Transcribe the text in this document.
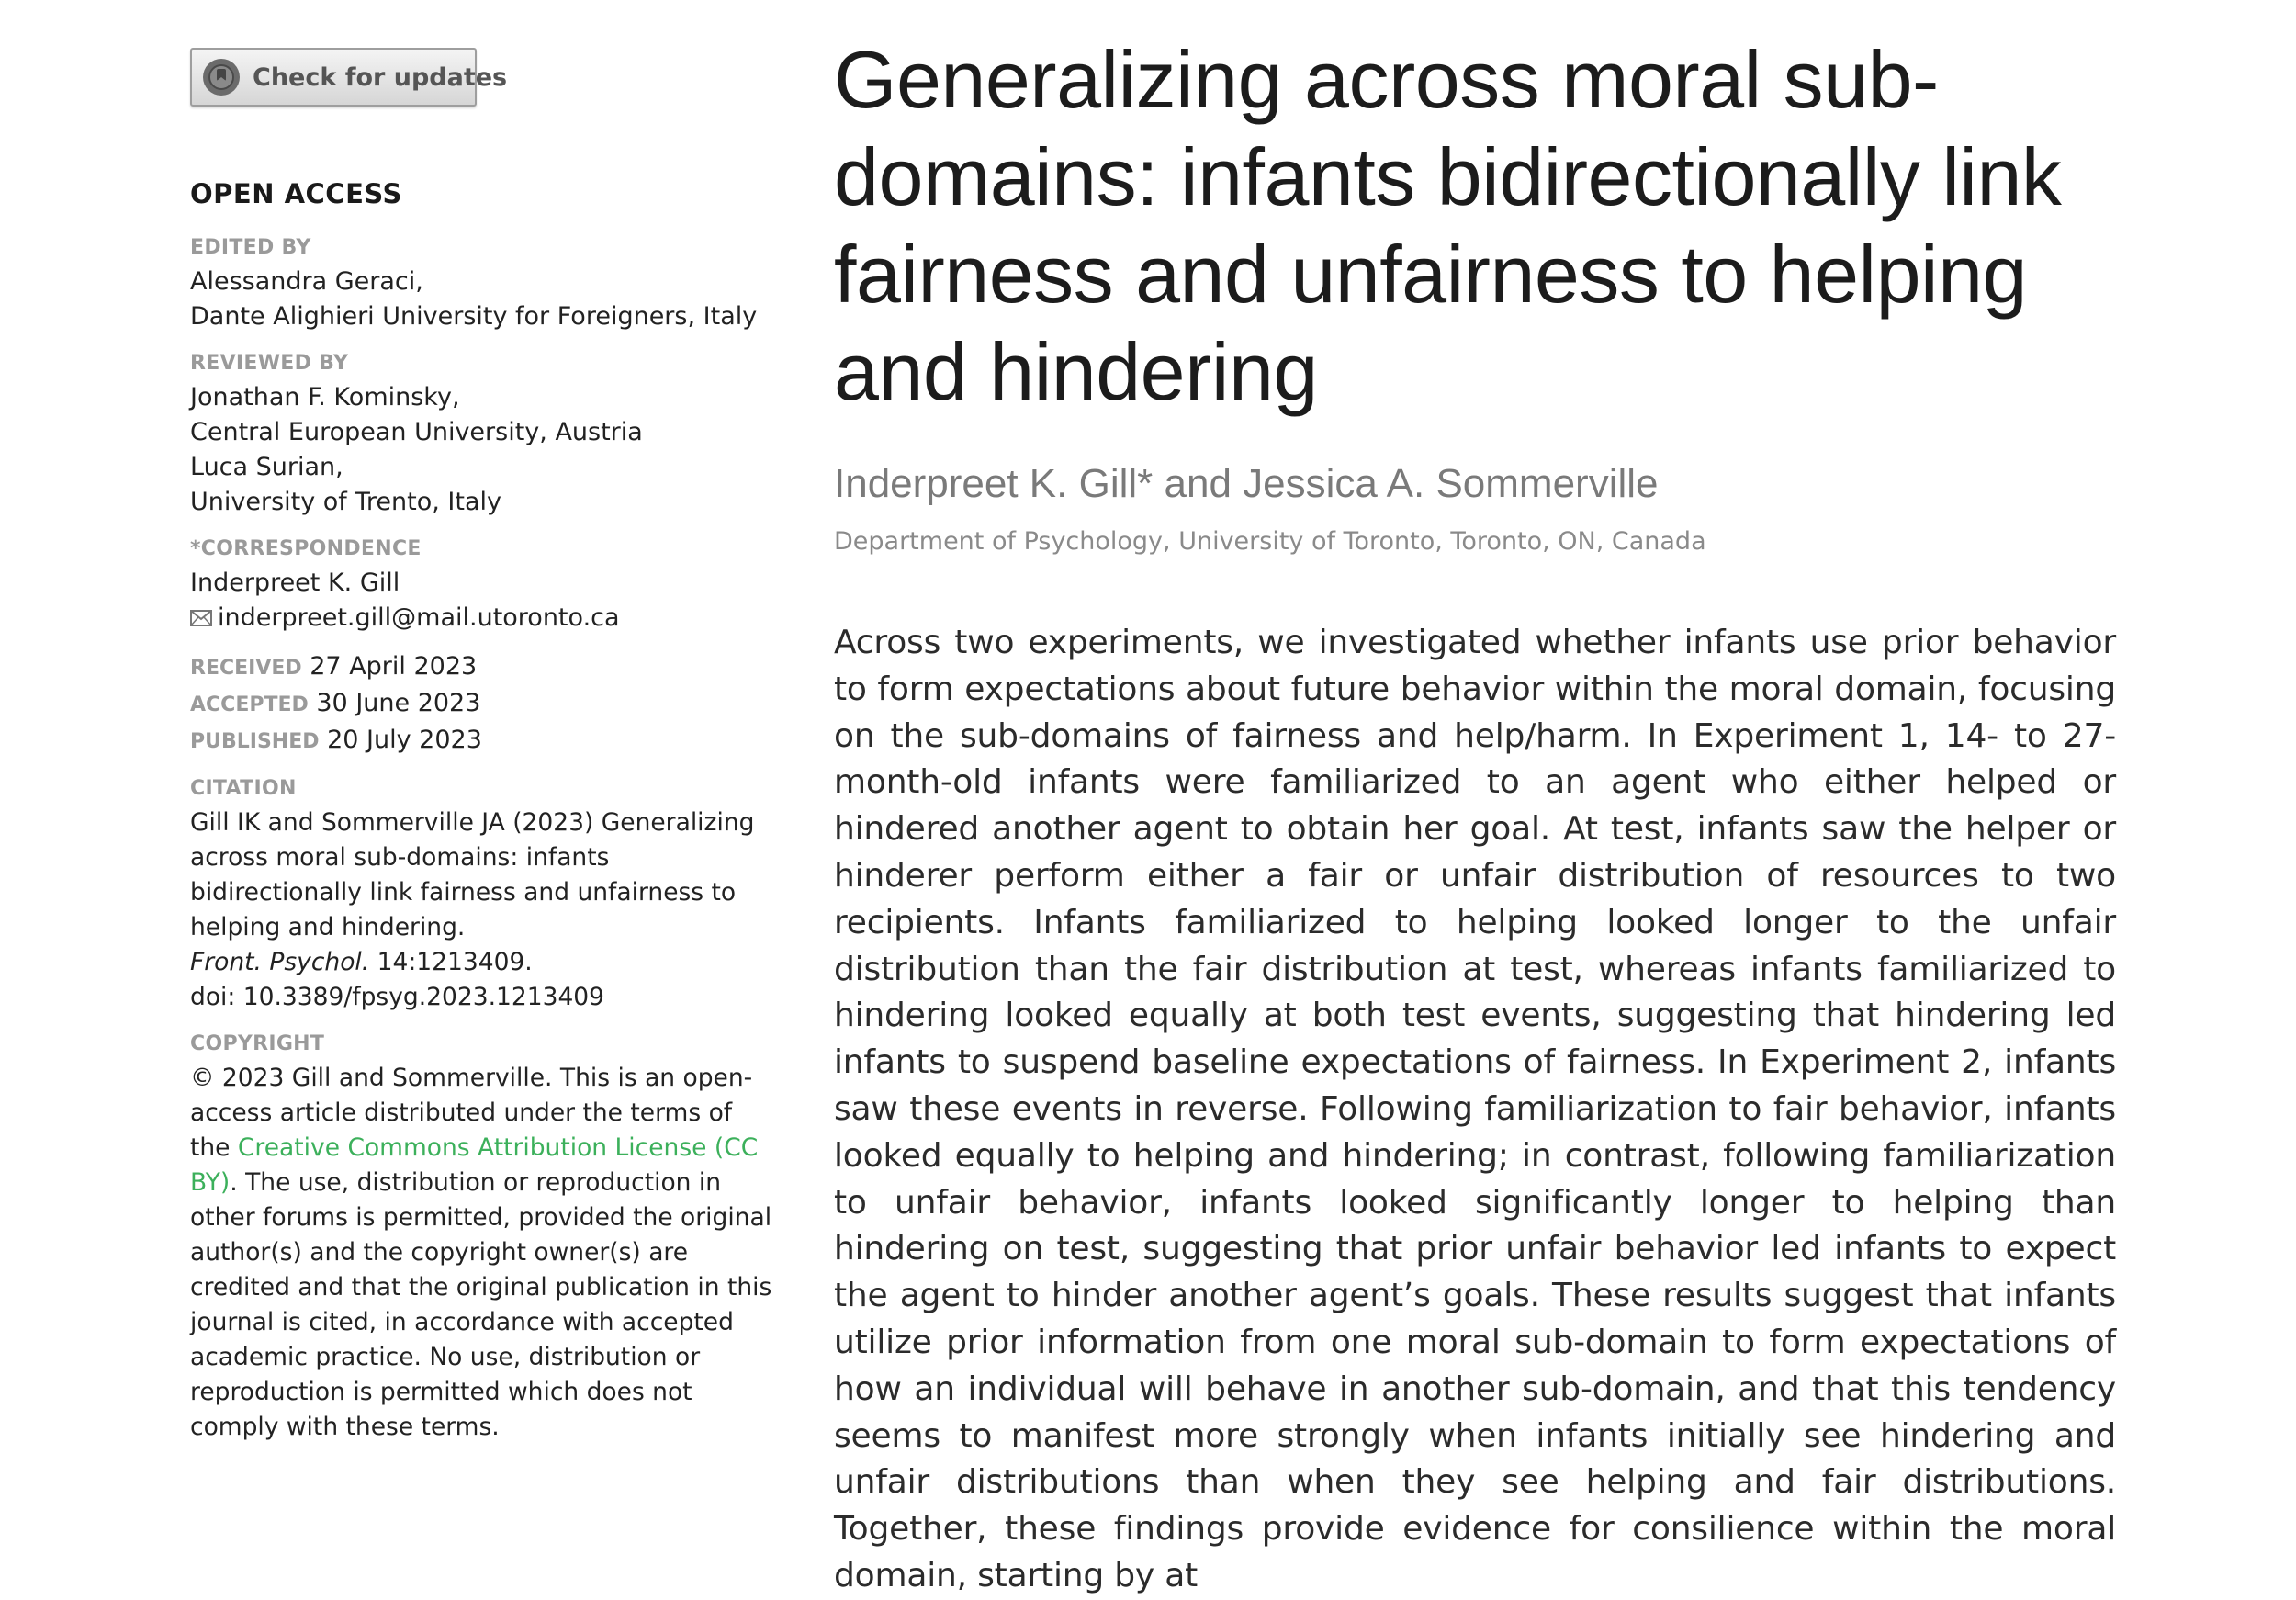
Check for updates
OPEN ACCESS
EDITED BY
Alessandra Geraci,
Dante Alighieri University for Foreigners, Italy
REVIEWED BY
Jonathan F. Kominsky,
Central European University, Austria
Luca Surian,
University of Trento, Italy
*CORRESPONDENCE
Inderpreet K. Gill
inderpreet.gill@mail.utoronto.ca
RECEIVED 27 April 2023
ACCEPTED 30 June 2023
PUBLISHED 20 July 2023
CITATION
Gill IK and Sommerville JA (2023) Generalizing across moral sub-domains: infants bidirectionally link fairness and unfairness to helping and hindering.
Front. Psychol. 14:1213409.
doi: 10.3389/fpsyg.2023.1213409
COPYRIGHT
© 2023 Gill and Sommerville. This is an open-access article distributed under the terms of the Creative Commons Attribution License (CC BY). The use, distribution or reproduction in other forums is permitted, provided the original author(s) and the copyright owner(s) are credited and that the original publication in this journal is cited, in accordance with accepted academic practice. No use, distribution or reproduction is permitted which does not comply with these terms.
Generalizing across moral sub-domains: infants bidirectionally link fairness and unfairness to helping and hindering
Inderpreet K. Gill* and Jessica A. Sommerville
Department of Psychology, University of Toronto, Toronto, ON, Canada
Across two experiments, we investigated whether infants use prior behavior to form expectations about future behavior within the moral domain, focusing on the sub-domains of fairness and help/harm. In Experiment 1, 14- to 27-month-old infants were familiarized to an agent who either helped or hindered another agent to obtain her goal. At test, infants saw the helper or hinderer perform either a fair or unfair distribution of resources to two recipients. Infants familiarized to helping looked longer to the unfair distribution than the fair distribution at test, whereas infants familiarized to hindering looked equally at both test events, suggesting that hindering led infants to suspend baseline expectations of fairness. In Experiment 2, infants saw these events in reverse. Following familiarization to fair behavior, infants looked equally to helping and hindering; in contrast, following familiarization to unfair behavior, infants looked significantly longer to helping than hindering on test, suggesting that prior unfair behavior led infants to expect the agent to hinder another agent’s goals. These results suggest that infants utilize prior information from one moral sub-domain to form expectations of how an individual will behave in another sub-domain, and that this tendency seems to manifest more strongly when infants initially see hindering and unfair distributions than when they see helping and fair distributions. Together, these findings provide evidence for consilience within the moral domain, starting by at
